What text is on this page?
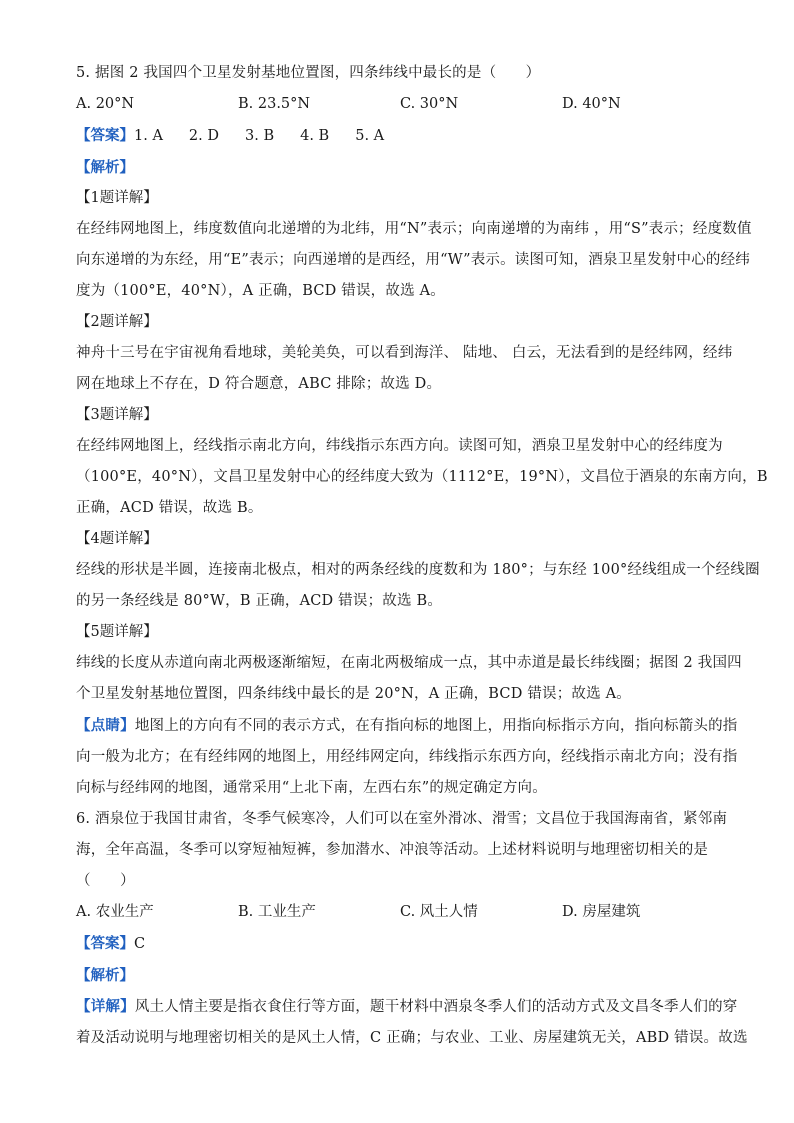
5. 据图 2 我国四个卫星发射基地位置图，四条纬线中最长的是（　　）
A. 20°N	B. 23.5°N	C. 30°N	D. 40°N
【答案】1. A 2. D 3. B 4. B 5. A
【解析】
【1题详解】
在经纬网地图上，纬度数值向北递增的为北纬，用“N”表示；向南递增的为南纬 ，用“S”表示；经度数值
向东递增的为东经，用“E”表示；向西递增的是西经，用“W”表示。读图可知，酒泉卫星发射中心的经纬
度为（100°E，40°N），A 正确，BCD 错误，故选 A。
【2题详解】
神舟十三号在宇宙视角看地球，美轮美奂，可以看到海洋、 陆地、 白云，无法看到的是经纬网，经纬
网在地球上不存在，D 符合题意，ABC 排除；故选 D。
【3题详解】
在经纬网地图上，经线指示南北方向，纬线指示东西方向。读图可知，酒泉卫星发射中心的经纬度为
（100°E，40°N），文昌卫星发射中心的经纬度大致为（1112°E，19°N），文昌位于酒泉的东南方向，B
正确，ACD 错误，故选 B。
【4题详解】
经线的形状是半圆，连接南北极点，相对的两条经线的度数和为 180°；与东经 100°经线组成一个经线圈
的另一条经线是 80°W，B 正确，ACD 错误；故选 B。
【5题详解】
纬线的长度从赤道向南北两极逐渐缩短，在南北两极缩成一点，其中赤道是最长纬线圈；据图 2 我国四
个卫星发射基地位置图，四条纬线中最长的是 20°N，A 正确，BCD 错误；故选 A。
【点睛】地图上的方向有不同的表示方式，在有指向标的地图上，用指向标指示方向，指向标箭头的指
向一般为北方；在有经纬网的地图上，用经纬网定向，纬线指示东西方向，经线指示南北方向；没有指
向标与经纬网的地图，通常采用“上北下南，左西右东”的规定确定方向。
6. 酒泉位于我国甘肃省，冬季气候寒冷，人们可以在室外滑冰、滑雪；文昌位于我国海南省，紧邻南
海，全年高温，冬季可以穿短袖短裤，参加潜水、冲浪等活动。上述材料说明与地理密切相关的是
（　　）
A. 农业生产	B. 工业生产	C. 风土人情	D. 房屋建筑
【答案】C
【解析】
【详解】风土人情主要是指衣食住行等方面，题干材料中酒泉冬季人们的活动方式及文昌冬季人们的穿
着及活动说明与地理密切相关的是风土人情，C 正确；与农业、工业、房屋建筑无关，ABD 错误。故选
